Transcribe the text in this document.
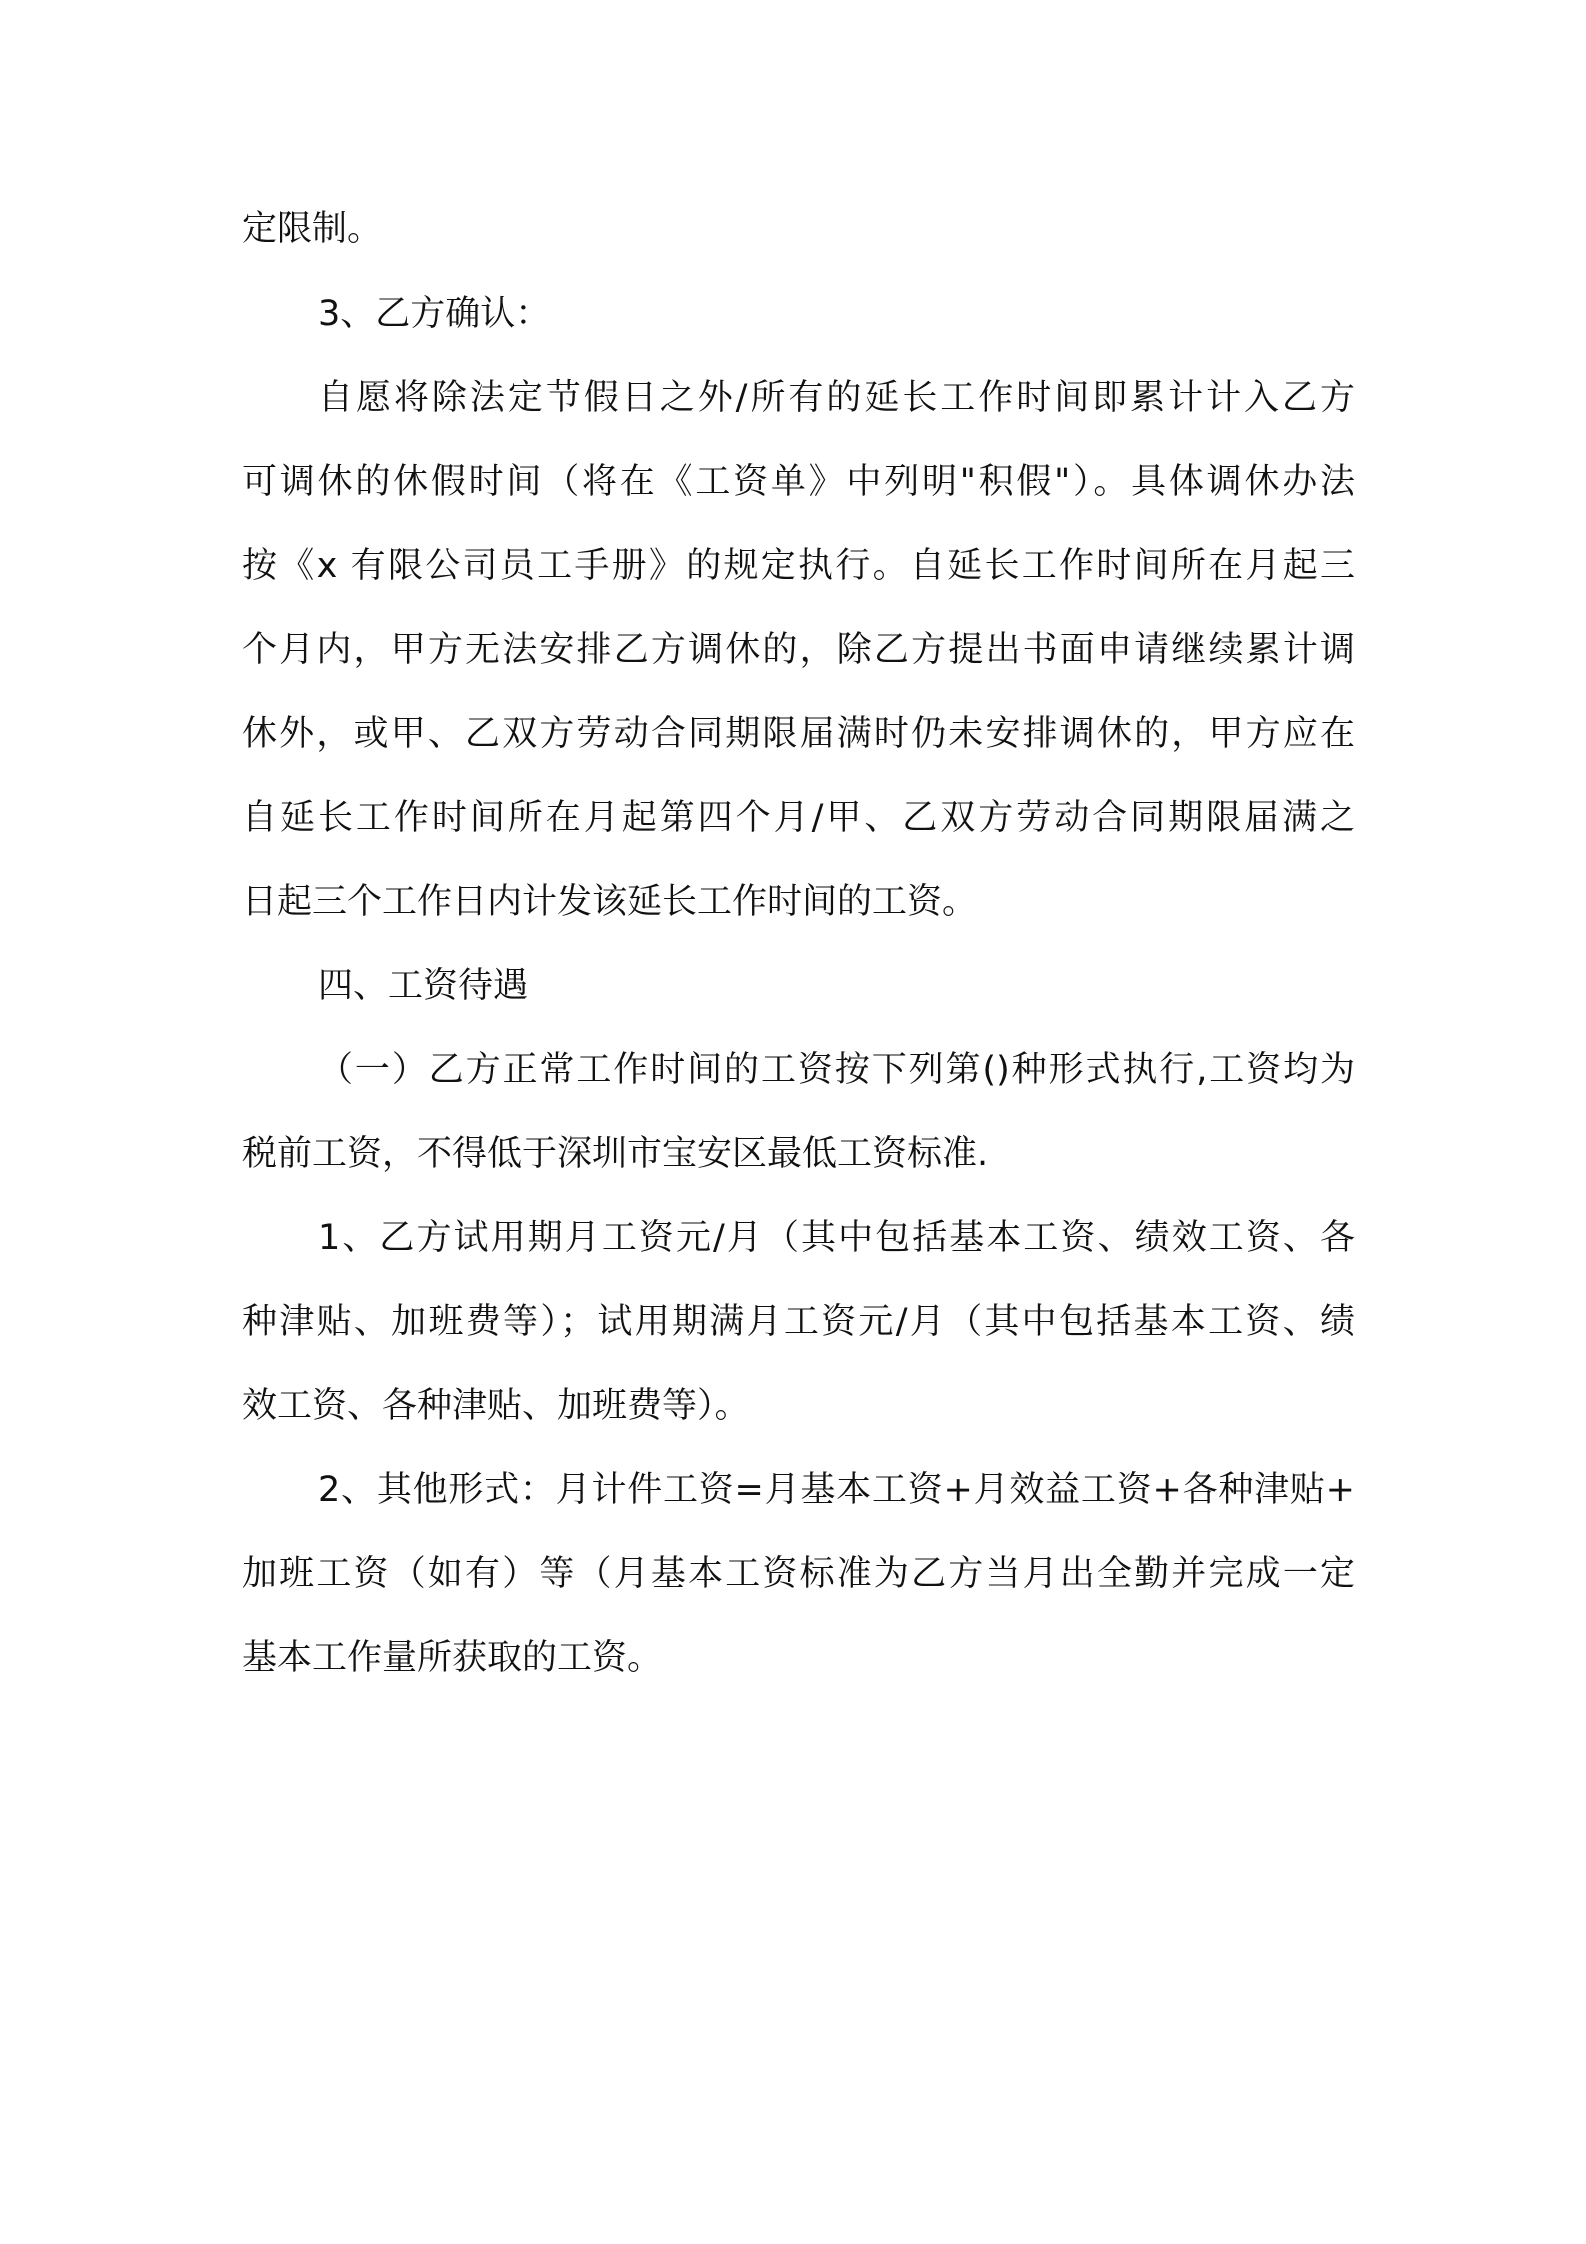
定限制。
3、乙方确认：
自愿将除法定节假日之外/所有的延长工作时间即累计计入乙方
可调休的休假时间（将在《工资单》中列明"积假"）。具体调休办法
按《x 有限公司员工手册》的规定执行。自延长工作时间所在月起三
个月内，甲方无法安排乙方调休的，除乙方提出书面申请继续累计调
休外，或甲、乙双方劳动合同期限届满时仍未安排调休的，甲方应在
自延长工作时间所在月起第四个月/甲、乙双方劳动合同期限届满之
日起三个工作日内计发该延长工作时间的工资。
四、工资待遇
（一）乙方正常工作时间的工资按下列第()种形式执行,工资均为
税前工资，不得低于深圳市宝安区最低工资标准.
1、乙方试用期月工资元/月（其中包括基本工资、绩效工资、各
种津贴、加班费等）；试用期满月工资元/月（其中包括基本工资、绩
效工资、各种津贴、加班费等）。
2、其他形式：月计件工资=月基本工资+月效益工资+各种津贴+
加班工资（如有）等（月基本工资标准为乙方当月出全勤并完成一定
基本工作量所获取的工资。
